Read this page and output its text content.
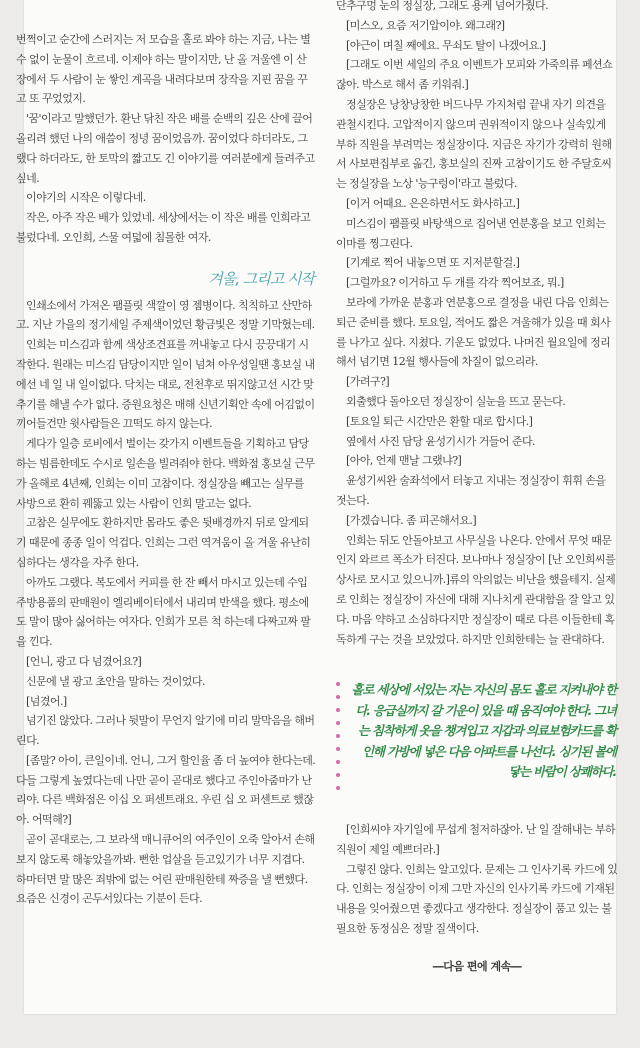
번쩍이고 순간에 스러지는 저 모습을 홀로 봐야 하는 지금, 나는 별 수 없이 눈물이 흐르네. 이제야 하는 말이지만, 난 올 겨울엔 이 산장에서 두 사람이 눈 쌓인 계곡을 내려다보며 장작을 지핀 꿈을 꾸고 또 꾸었었지.

'꿈'이라고 말했던가. 환난 닦친 작은 배를 순백의 깊은 산에 끌어 올리려 했던 나의 애씀이 정녕 꿈이었음까. 꿈이었다 하더라도, 그랬다 하더라도, 한 토막의 짧고도 긴 이야기를 여러분에게 들려주고 싶네.

이야기의 시작은 이렇다네.

작은, 아주 작은 배가 있었네. 세상에서는 이 작은 배를 인희라고 불렀다네. 오인희, 스물 여덟에 침몰한 여자.

겨울, 그리고 시작

인쇄소에서 가져온 팸플릿 색깔이 영 젬병이다. 칙칙하고 산만하고. 지난 가을의 정기세일 주제색이었던 황금빛은 정말 기막혔는데.

인희는 미스김과 함께 색상조견표를 꺼내놓고 다시 끙끙대기 시작한다. 원래는 미스김 담당이지만 일이 넘쳐 아우성일땐 홍보실 내에선 네 일 내 일이없다. 닥치는 대로, 전천후로 뛰지않고선 시간 맞추기를 해낼 수가 없다. 증원요청은 매해 신년기획안 속에 어김없이 끼어들건만 윗사람들은 끄떡도 하지 않는다.

게다가 일층 로비에서 벌이는 갖가지 이벤트들을 기획하고 담당하는 빔름한데도 수시로 일손을 빌려줘야 한다. 백화점 홍보실 근무가 올해로 4년째, 인희는 이미 고참이다. 정실장을 빼고는 실무를 사방으로 환히 꿰뚫고 있는 사람이 인희 말고는 없다.

고참은 실무에도 환하지만 몸라도 좋은 뒷배경까지 뒤로 알게되기 때문에 종종 일이 억겁다. 인희는 그런 역겨움이 올 겨울 유난히 심하다는 생각을 자주 한다.

아까도 그랬다. 복도에서 커피를 한 잔 빼서 마시고 있는데 수입주방용품의 판매원이 엘리베이터에서 내리며 반색을 했다. 평소에도 말이 많아 싫어하는 여자다. 인희가 모른 척 하는데 다짜고짜 팔을 낀다.

[언니, 광고 다 넘겼어요?]

신문에 낼 광고 초안을 말하는 것이었다.

[넘겼어.]

넘기진 않았다. 그러나 뒷말이 무언지 알기에 미리 말막음을 해버린다.

[좀말? 아이, 큰일이네. 언니, 그거 할인율 좀 더 높여야 한다는데. 다들 그렇게 높였다는데 나만 곧이 곧대로 했다고 주인아줌마가 난리야. 다른 백화점은 이십 오 퍼센트래요. 우린 십 오 퍼센트로 했잖아. 어떡해?]

곧이 곧대로는, 그 보라색 매니큐어의 여주인이 오죽 알아서 손해보지 않도록 해놓았을까봐. 뻔한 업살을 듣고있기가 너무 지겹다. 하마터면 말 많은 죄밖에 없는 어린 판매원한테 짜증을 낼 뻔했다. 요즘은 신경이 곤두서있다는 기분이 든다.

단추구멍 눈의 정실장, 그래도 용케 넘어가줬다.

[미스오, 요즘 저기압이야. 왜그래?]

[야근이 며칠 째에요. 무쇠도 탈이 나겠어요.]

[그래도 이번 세일의 주요 이벤트가 모피와 가죽의류 페션쇼잖아. 박스로 해서 좀 키워줘.]

정실장은 낭창낭창한 버드나무 가지처럼 끝내 자기 의견을 관철시킨다. 고압적이지 않으며 권위적이지 않으나 실속있게 부하 직원을 부려먹는 정실장이다. 지금은 자기가 강력히 원해서 사보편집부로 옮긴, 홍보실의 진짜 고참이기도 한 주달호씨는 정실장을 노상 '능구렁이'라고 불렀다.

[이거 어때요. 은은하면서도 화사하고.]

미스김이 팸플릿 바탕색으로 집어낸 연분홍을 보고 인희는 이마를 찡그린다.

[기계로 찍어 내놓으면 또 지저분할걸.]

[그럴까요? 이거하고 두 개를 각각 찍어보죠, 뭐.]

보라에 가까운 분홍과 연분홍으로 결정을 내린 다음 인희는 퇴근 준비를 했다. 토요일, 적어도 짧은 겨울해가 있을 때 회사를 나가고 싶다. 지쳤다. 기운도 없었다. 나머진 월요일에 정리해서 넘기면 12월 행사들에 차질이 없으리라.

[가려구?]

외출했다 돌아오던 정실장이 실눈을 뜨고 묻는다.

[토요일 퇴근 시간만은 환할 대로 합시다.]

옆에서 사진 담당 윤성기시가 거들어 준다.

[아아, 언제 맨날 그랬냐?]

윤성기씨완 술좌석에서 터놓고 지내는 정실장이 휘휘 손을 젓는다.

[가겠습니다. 좀 피곤해서요.]

인희는 뒤도 안돌아보고 사무실을 나온다. 안에서 무엇 때문인지 와르르 폭소가 터진다. 보나마나 정실장이 [난 오인희씨를 상사로 모시고 있으니까.]류의 악의없는 비난을 했을테지. 실제로 인희는 정실장이 자신에 대해 지나치게 관대함을 잘 알고 있다. 마음 약하고 소심하다지만 정실장이 때로 다른 이들한테 혹독하게 구는 것을 보았었다. 하지만 인희한테는 늘 관대하다.

홀로 세상에 서있는 자는 자신의 몸도 홀로 지켜내야 한다. 응급실까지 갈 기운이 있을 때 움직여야 한다. 그녀는 침착하게 옷을 챙겨입고 지갑과 의료보험카드를 확인해 가방에 넣은 다음 아파트를 나선다. 싱기된 볼에 닿는 바람이 상쾌하다.

[인희씨야 자기일에 무섭게 철저하잖아. 난 일 잘해내는 부하직원이 제일 예쁘더라.]

그렇진 않다. 인희는 알고있다. 문제는 그 인사기록 카드에 있다. 인희는 정실장이 이제 그만 자신의 인사기록 카드에 기재된 내용을 잊어줬으면 좋겠다고 생각한다. 정실장이 품고 있는 불필요한 동정심은 정말 질색이다.

―다음 편에 계속―
